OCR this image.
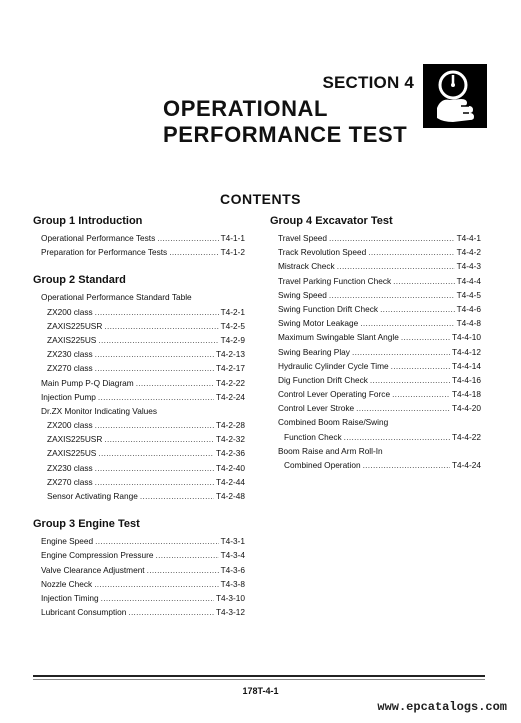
SECTION 4
OPERATIONAL
PERFORMANCE TEST
CONTENTS
Group 1 Introduction
Operational Performance Tests . . .	T4-1-1
Preparation for Performance Tests . . .	T4-1-2
Group 2 Standard
Operational Performance Standard Table
ZX200 class . . .	T4-2-1
ZAXIS225USR . . .	T4-2-5
ZAXIS225US . . .	T4-2-9
ZX230 class . . .	T4-2-13
ZX270 class . . .	T4-2-17
Main Pump P-Q Diagram . . .	T4-2-22
Injection Pump . . .	T4-2-24
Dr.ZX Monitor Indicating Values
ZX200 class . . .	T4-2-28
ZAXIS225USR . . .	T4-2-32
ZAXIS225US . . .	T4-2-36
ZX230 class . . .	T4-2-40
ZX270 class . . .	T4-2-44
Sensor Activating Range . . .	T4-2-48
Group 3 Engine Test
Engine Speed . . .	T4-3-1
Engine Compression Pressure . . .	T4-3-4
Valve Clearance Adjustment . . .	T4-3-6
Nozzle Check . . .	T4-3-8
Injection Timing . . .	T4-3-10
Lubricant Consumption . . .	T4-3-12
Group 4 Excavator Test
Travel Speed . . .	T4-4-1
Track Revolution Speed . . .	T4-4-2
Mistrack Check . . .	T4-4-3
Travel Parking Function Check . . .	T4-4-4
Swing Speed . . .	T4-4-5
Swing Function Drift Check . . .	T4-4-6
Swing Motor Leakage . . .	T4-4-8
Maximum Swingable Slant Angle . . .	T4-4-10
Swing Bearing Play . . .	T4-4-12
Hydraulic Cylinder Cycle Time . . .	T4-4-14
Dig Function Drift Check . . .	T4-4-16
Control Lever Operating Force . . .	T4-4-18
Control Lever Stroke . . .	T4-4-20
Combined Boom Raise/Swing
Function Check . . .	T4-4-22
Boom Raise and Arm Roll-In
Combined Operation . . .	T4-4-24
178T-4-1
www.epcatalogs.com
